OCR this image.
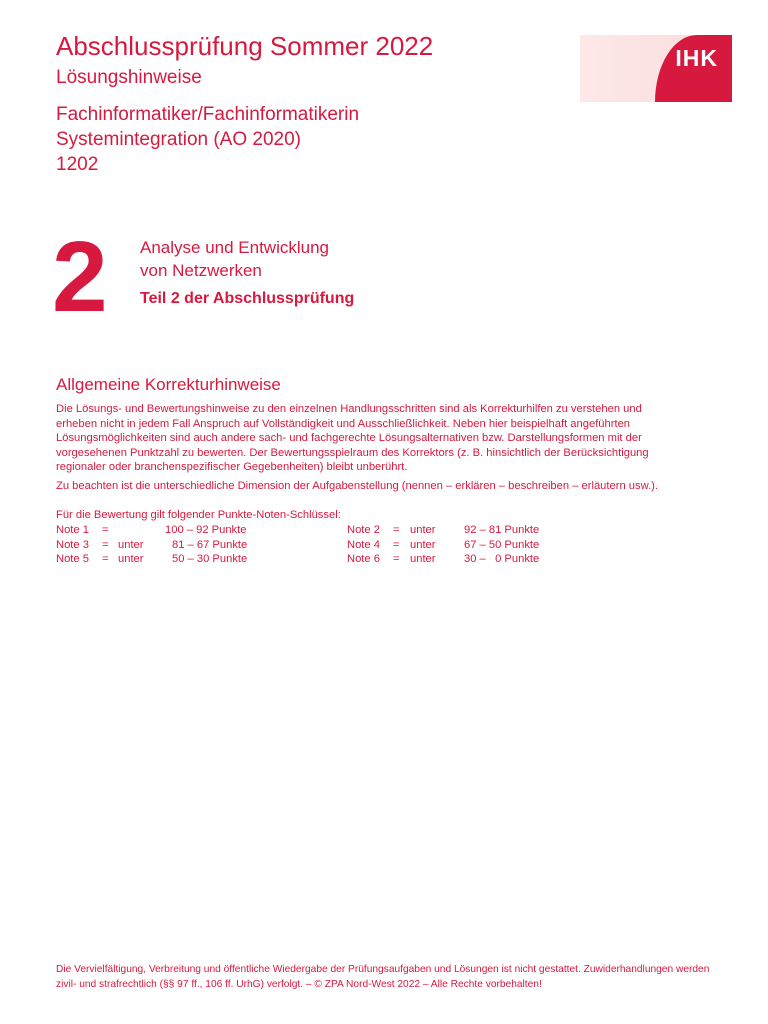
Abschlussprüfung Sommer 2022
Lösungshinweise
Fachinformatiker/Fachinformatikerin
Systemintegration (AO 2020)
1202
IHK
2 Analyse und Entwicklung
von Netzwerken
Teil 2 der Abschlussprüfung
Allgemeine Korrekturhinweise
Die Lösungs- und Bewertungshinweise zu den einzelnen Handlungsschritten sind als Korrekturhilfen zu verstehen und
erheben nicht in jedem Fall Anspruch auf Vollständigkeit und Ausschließlichkeit. Neben hier beispielhaft angeführten
Lösungsmöglichkeiten sind auch andere sach- und fachgerechte Lösungsalternativen bzw. Darstellungsformen mit der
vorgesehenen Punktzahl zu bewerten. Der Bewertungsspielraum des Korrektors (z. B. hinsichtlich der Berücksichtigung
regionaler oder branchenspezifischer Gegebenheiten) bleibt unberührt.
Zu beachten ist die unterschiedliche Dimension der Aufgabenstellung (nennen – erklären – beschreiben – erläutern usw.).
Für die Bewertung gilt folgender Punkte-Noten-Schlüssel:
Note 1 =	100 – 92 Punkte	Note 2 = unter	92 – 81 Punkte
Note 3 = unter	81 – 67 Punkte	Note 4 = unter	67 – 50 Punkte
Note 5 = unter	50 – 30 Punkte	Note 6 = unter	30 –   0 Punkte
Die Vervielfältigung, Verbreitung und öffentliche Wiedergabe der Prüfungsaufgaben und Lösungen ist nicht gestattet. Zuwiderhandlungen werden
zivil- und strafrechtlich (§§ 97 ff., 106 ff. UrhG) verfolgt. – © ZPA Nord-West 2022 – Alle Rechte vorbehalten!
